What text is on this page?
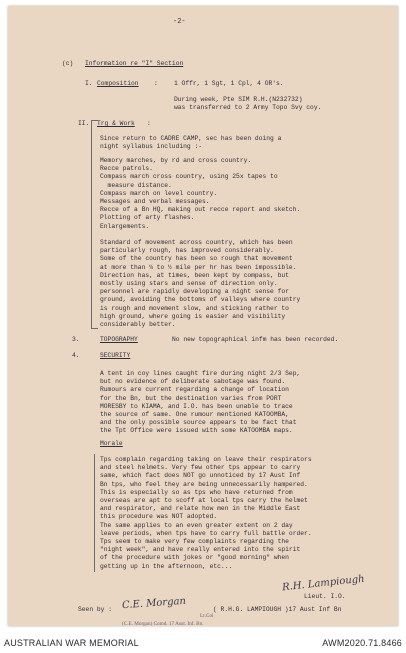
-2-
(c) Information re "I" Section
I. Composition :	1 Offr, 1 Sgt, 1 Cpl, 4 OR's.
During week, Pte SIM R.H.(N232732)
was transferred to 2 Army Topo Svy coy.
II. Trg & Work :
Since return to CADRE CAMP, sec has been doing a
night syllabus including :-
Memory marches, by rd and cross country.
Recce patrols.
Compass march cross country, using 25x tapes to
measure distance.
Compass march on level country.
Messages and verbal messages.
Recce of a Bn HQ, making out recce report and sketch.
Plotting of arty flashes.
Enlargements.
Standard of movement across country, which has been
particularly rough, has improved considerably.
Some of the country has been so rough that movement
at more than ¼ to ½ mile per hr has been impossible.
Direction has, at times, been kept by compass, but
mostly using stars and sense of direction only.
personnel are rapidly developing a night sense for
ground, avoiding the bottoms of valleys where country
is rough and movement slow, and sticking rather to
high ground, where going is easier and visibility
considerably better.
3.	TOPOGRAPHY	No new topographical infm has been recorded.
4.	SECURITY
A tent in coy lines caught fire during night 2/3 Sep,
but no evidence of deliberate sabotage was found.
Rumours are current regarding a change of location
for the Bn, but the destination varies from PORT
MORESBY to KIAMA, and I.O. has been unable to trace
the source of same. One rumour mentioned KATOOMBA,
and the only possible source appears to be fact that
the Tpt Office were issued with some KATOOMBA maps.
Morale
Tps complain regarding taking on leave their respirators
and steel helmets. Very few other tps appear to carry
same, which fact does NOT go unnoticed by 17 Aust Inf
Bn tps, who feel they are being unnecessarily hampered.
This is especially so as tps who have returned from
overseas are apt to scoff at local tps carry the helmet
and respirator, and relate how men in the Middle East
this procedure was NOT adopted.
The same applies to an even greater extent on 2 day
leave periods, when tps have to carry full battle order.
Tps seem to make very few complaints regarding the
"night week", and have really entered into the spirit
of the procedure with jokes or "good morning" when
getting up in the afternoon, etc...
R.H. Lampiough
Lieut. I.O.
( R.H.G. LAMPIOUGH )17 Aust Inf Bn
Seen by : C.E. Morgan
Lt.Col
(C.E. Morgan) Comd. 17 Aust. Inf. Bn.
AUSTRALIAN WAR MEMORIAL	AWM2020.71.8466
